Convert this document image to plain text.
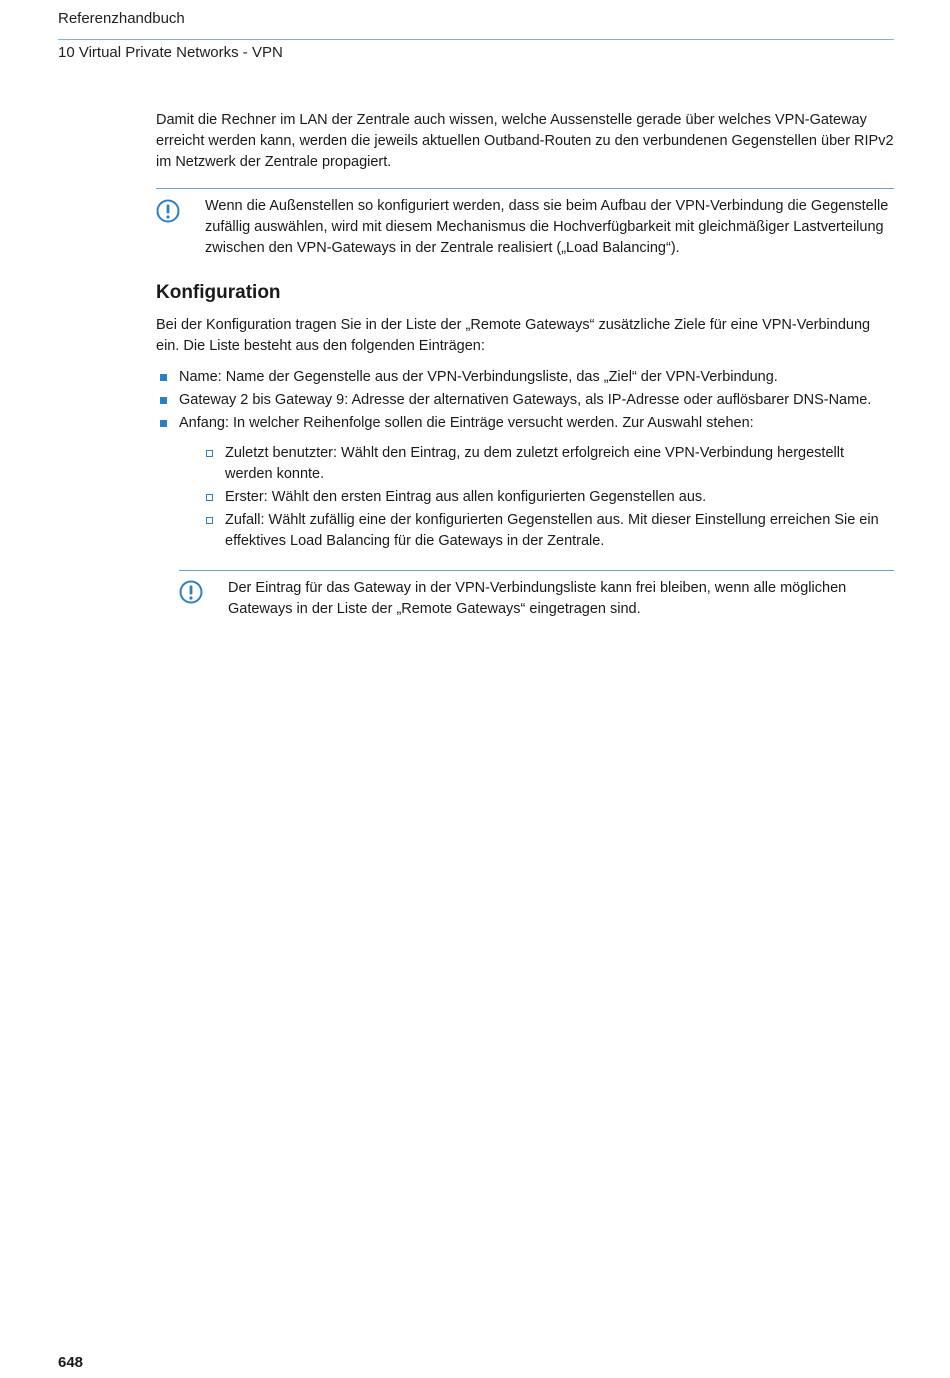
Referenzhandbuch
10 Virtual Private Networks - VPN

Damit die Rechner im LAN der Zentrale auch wissen, welche Aussenstelle gerade über welches VPN-Gateway erreicht werden kann, werden die jeweils aktuellen Outband-Routen zu den verbundenen Gegenstellen über RIPv2 im Netzwerk der Zentrale propagiert.

Wenn die Außenstellen so konfiguriert werden, dass sie beim Aufbau der VPN-Verbindung die Gegenstelle zufällig auswählen, wird mit diesem Mechanismus die Hochverfügbarkeit mit gleichmäßiger Lastverteilung zwischen den VPN-Gateways in der Zentrale realisiert („Load Balancing“).

Konfiguration

Bei der Konfiguration tragen Sie in der Liste der „Remote Gateways“ zusätzliche Ziele für eine VPN-Verbindung ein. Die Liste besteht aus den folgenden Einträgen:

Name: Name der Gegenstelle aus der VPN-Verbindungsliste, das „Ziel“ der VPN-Verbindung.
Gateway 2 bis Gateway 9: Adresse der alternativen Gateways, als IP-Adresse oder auflösbarer DNS-Name.
Anfang: In welcher Reihenfolge sollen die Einträge versucht werden. Zur Auswahl stehen:
Zuletzt benutzter: Wählt den Eintrag, zu dem zuletzt erfolgreich eine VPN-Verbindung hergestellt werden konnte.
Erster: Wählt den ersten Eintrag aus allen konfigurierten Gegenstellen aus.
Zufall: Wählt zufällig eine der konfigurierten Gegenstellen aus. Mit dieser Einstellung erreichen Sie ein effektives Load Balancing für die Gateways in der Zentrale.

Der Eintrag für das Gateway in der VPN-Verbindungsliste kann frei bleiben, wenn alle möglichen Gateways in der Liste der „Remote Gateways“ eingetragen sind.

648
